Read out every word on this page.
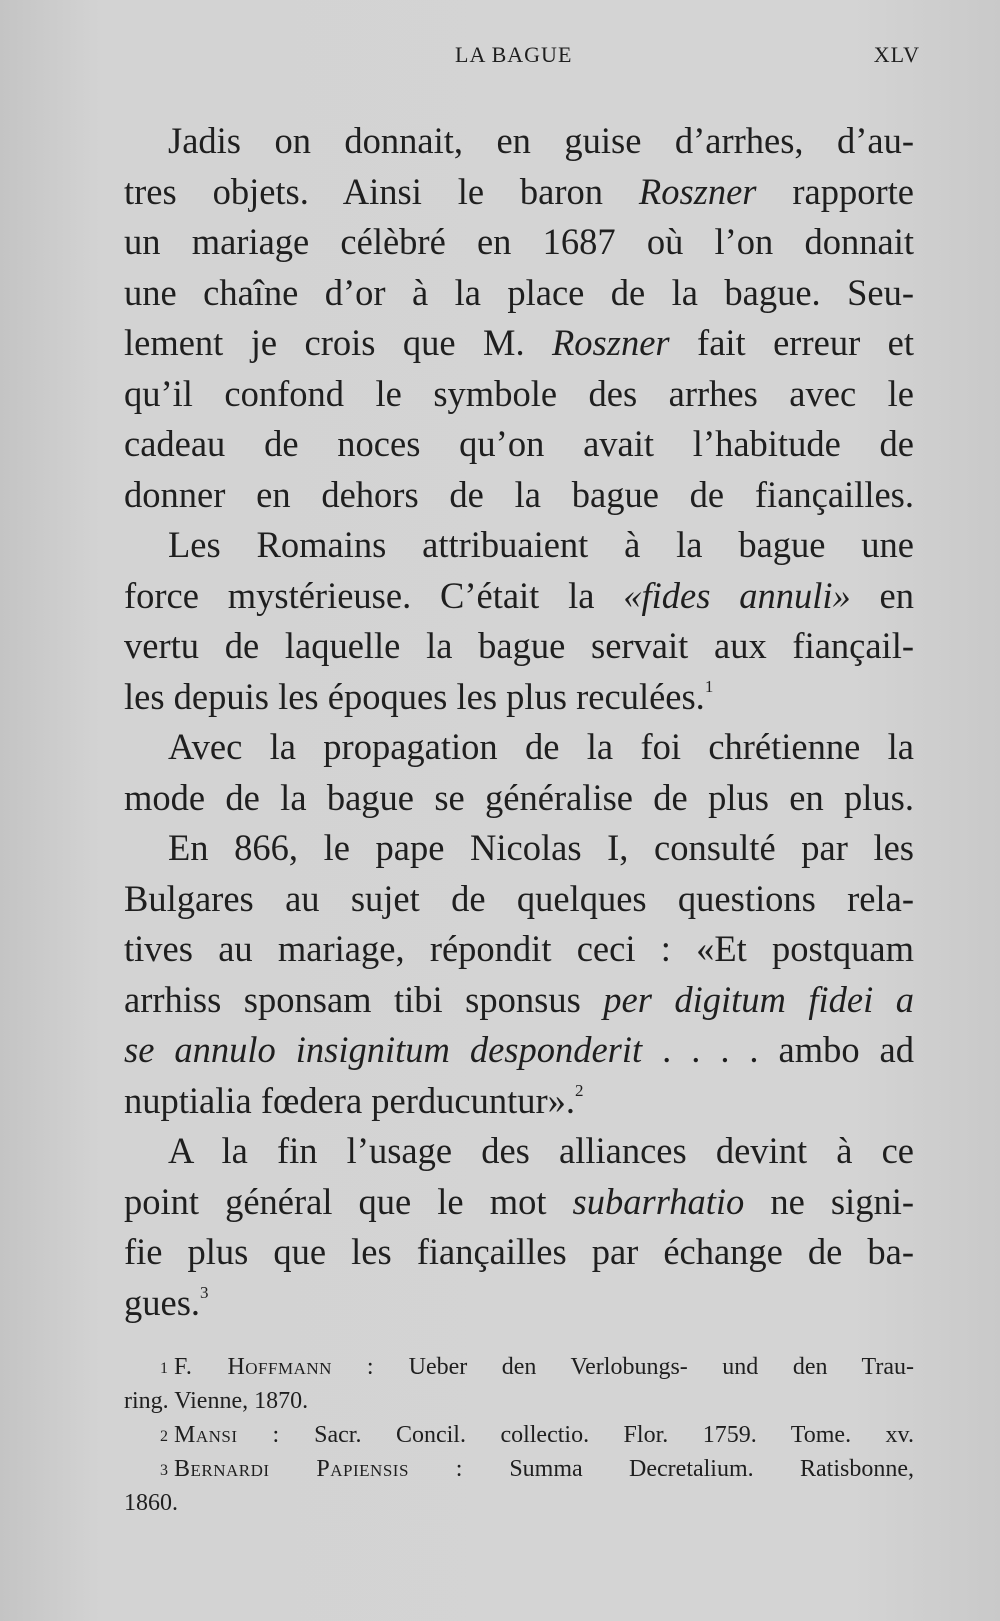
LA BAGUE	XLV
Jadis on donnait, en guise d’arrhes, d’au-
tres objets. Ainsi le baron Roszner rapporte
un mariage célèbré en 1687 où l’on donnait
une chaîne d’or à la place de la bague. Seu-
lement je crois que M. Roszner fait erreur et
qu’il confond le symbole des arrhes avec le
cadeau de noces qu’on avait l’habitude de
donner en dehors de la bague de fiançailles.
Les Romains attribuaient à la bague une
force mystérieuse. C’était la «fides annuli» en
vertu de laquelle la bague servait aux fiançail-
les depuis les époques les plus reculées.$^1$
Avec la propagation de la foi chrétienne la
mode de la bague se généralise de plus en plus.
En 866, le pape Nicolas I, consulté par les
Bulgares au sujet de quelques questions rela-
tives au mariage, répondit ceci : «Et postquam
arrhiss sponsam tibi sponsus per digitum fidei a
se annulo insignitum desponderit . . . . ambo ad
nuptialia fœdera perducuntur».$^2$
A la fin l’usage des alliances devint à ce
point général que le mot subarrhatio ne signi-
fie plus que les fiançailles par échange de ba-
gues.$^3$
$^1$ F. Hoffmann : Ueber den Verlobungs- und den Trau-
ring. Vienne, 1870.
$^2$ Mansi : Sacr. Concil. collectio. Flor. 1759. Tome. xv.
$^3$ Bernardi Papiensis : Summa Decretalium. Ratisbonne,
1860.
